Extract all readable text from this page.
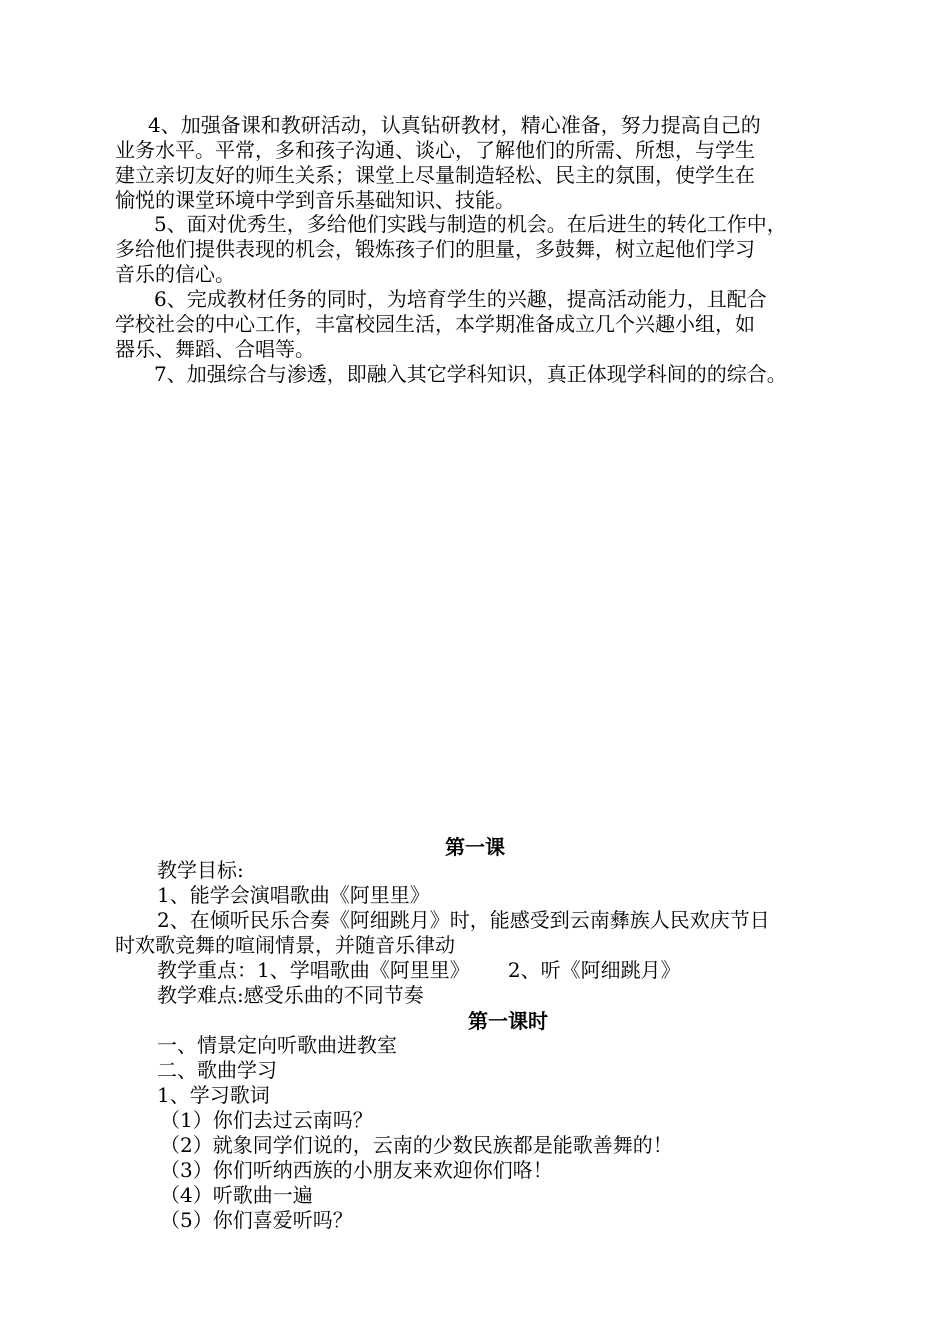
4、加强备课和教研活动，认真钻研教材，精心准备，努力提高自己的
业务水平。平常，多和孩子沟通、谈心，了解他们的所需、所想，与学生
建立亲切友好的师生关系；课堂上尽量制造轻松、民主的氛围，使学生在
愉悦的课堂环境中学到音乐基础知识、技能。
5、面对优秀生，多给他们实践与制造的机会。在后进生的转化工作中，
多给他们提供表现的机会，锻炼孩子们的胆量，多鼓舞，树立起他们学习
音乐的信心。
6、完成教材任务的同时，为培育学生的兴趣，提高活动能力，且配合
学校社会的中心工作，丰富校园生活，本学期准备成立几个兴趣小组，如
器乐、舞蹈、合唱等。
7、加强综合与渗透，即融入其它学科知识，真正体现学科间的的综合。
第一课
教学目标:
1、能学会演唱歌曲《阿里里》
2、在倾听民乐合奏《阿细跳月》时，能感受到云南彝族人民欢庆节日
时欢歌竞舞的喧闹情景，并随音乐律动
教学重点：1、学唱歌曲《阿里里》      2、听《阿细跳月》
教学难点:感受乐曲的不同节奏
第一课时
一、情景定向听歌曲进教室
二、歌曲学习
1、学习歌词
（1）你们去过云南吗？
（2）就象同学们说的，云南的少数民族都是能歌善舞的！
（3）你们听纳西族的小朋友来欢迎你们咯！
（4）听歌曲一遍
（5）你们喜爱听吗？
